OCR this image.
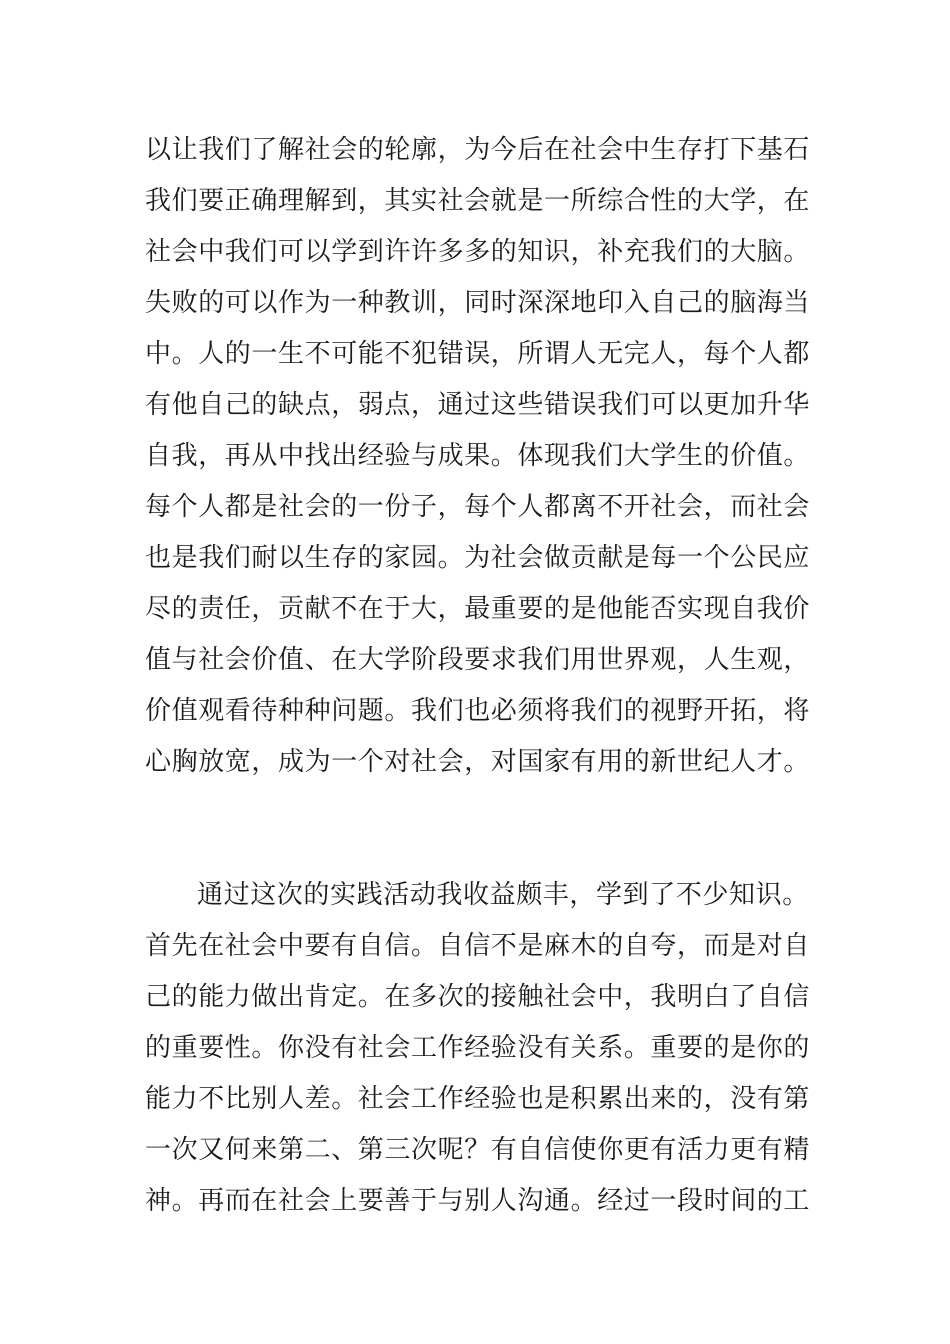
以让我们了解社会的轮廓，为今后在社会中生存打下基石
我们要正确理解到，其实社会就是一所综合性的大学，在
社会中我们可以学到许许多多的知识，补充我们的大脑。
失败的可以作为一种教训，同时深深地印入自己的脑海当
中。人的一生不可能不犯错误，所谓人无完人，每个人都
有他自己的缺点，弱点，通过这些错误我们可以更加升华
自我，再从中找出经验与成果。体现我们大学生的价值。
每个人都是社会的一份子，每个人都离不开社会，而社会
也是我们耐以生存的家园。为社会做贡献是每一个公民应
尽的责任，贡献不在于大，最重要的是他能否实现自我价
值与社会价值、在大学阶段要求我们用世界观，人生观，
价值观看待种种问题。我们也必须将我们的视野开拓，将
心胸放宽，成为一个对社会，对国家有用的新世纪人才。
通过这次的实践活动我收益颇丰，学到了不少知识。
首先在社会中要有自信。自信不是麻木的自夸，而是对自
己的能力做出肯定。在多次的接触社会中，我明白了自信
的重要性。你没有社会工作经验没有关系。重要的是你的
能力不比别人差。社会工作经验也是积累出来的，没有第
一次又何来第二、第三次呢？有自信使你更有活力更有精
神。再而在社会上要善于与别人沟通。经过一段时间的工
